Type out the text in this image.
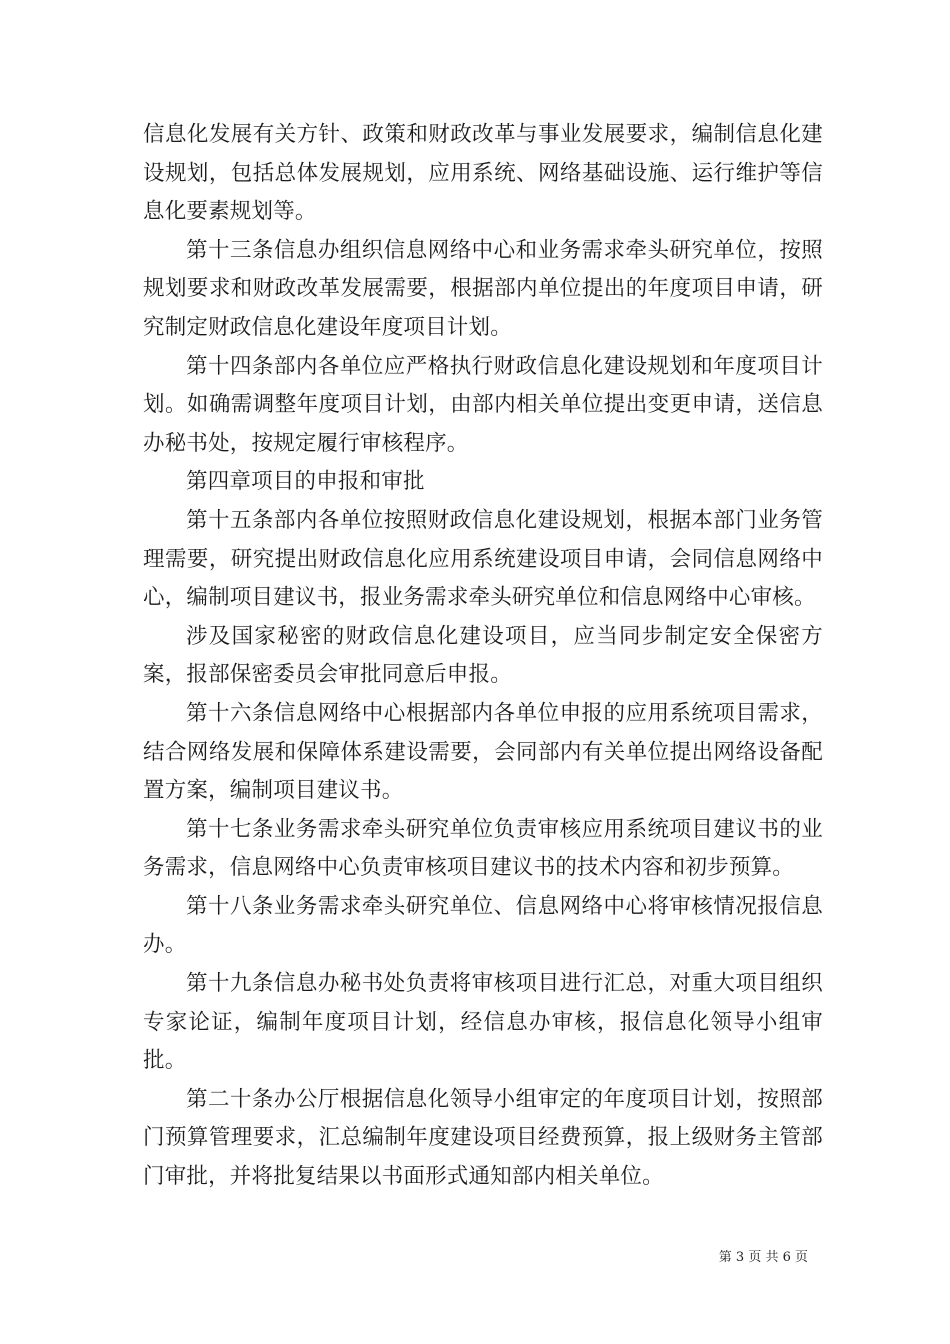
信息化发展有关方针、政策和财政改革与事业发展要求，编制信息化建设规划，包括总体发展规划，应用系统、网络基础设施、运行维护等信息化要素规划等。

第十三条信息办组织信息网络中心和业务需求牵头研究单位，按照规划要求和财政改革发展需要，根据部内单位提出的年度项目申请，研究制定财政信息化建设年度项目计划。

第十四条部内各单位应严格执行财政信息化建设规划和年度项目计划。如确需调整年度项目计划，由部内相关单位提出变更申请，送信息办秘书处，按规定履行审核程序。

第四章项目的申报和审批

第十五条部内各单位按照财政信息化建设规划，根据本部门业务管理需要，研究提出财政信息化应用系统建设项目申请，会同信息网络中心，编制项目建议书，报业务需求牵头研究单位和信息网络中心审核。

涉及国家秘密的财政信息化建设项目，应当同步制定安全保密方案，报部保密委员会审批同意后申报。

第十六条信息网络中心根据部内各单位申报的应用系统项目需求，结合网络发展和保障体系建设需要，会同部内有关单位提出网络设备配置方案，编制项目建议书。

第十七条业务需求牵头研究单位负责审核应用系统项目建议书的业务需求，信息网络中心负责审核项目建议书的技术内容和初步预算。

第十八条业务需求牵头研究单位、信息网络中心将审核情况报信息办。

第十九条信息办秘书处负责将审核项目进行汇总，对重大项目组织专家论证，编制年度项目计划，经信息办审核，报信息化领导小组审批。

第二十条办公厅根据信息化领导小组审定的年度项目计划，按照部门预算管理要求，汇总编制年度建设项目经费预算，报上级财务主管部门审批，并将批复结果以书面形式通知部内相关单位。

第 3 页 共 6 页
